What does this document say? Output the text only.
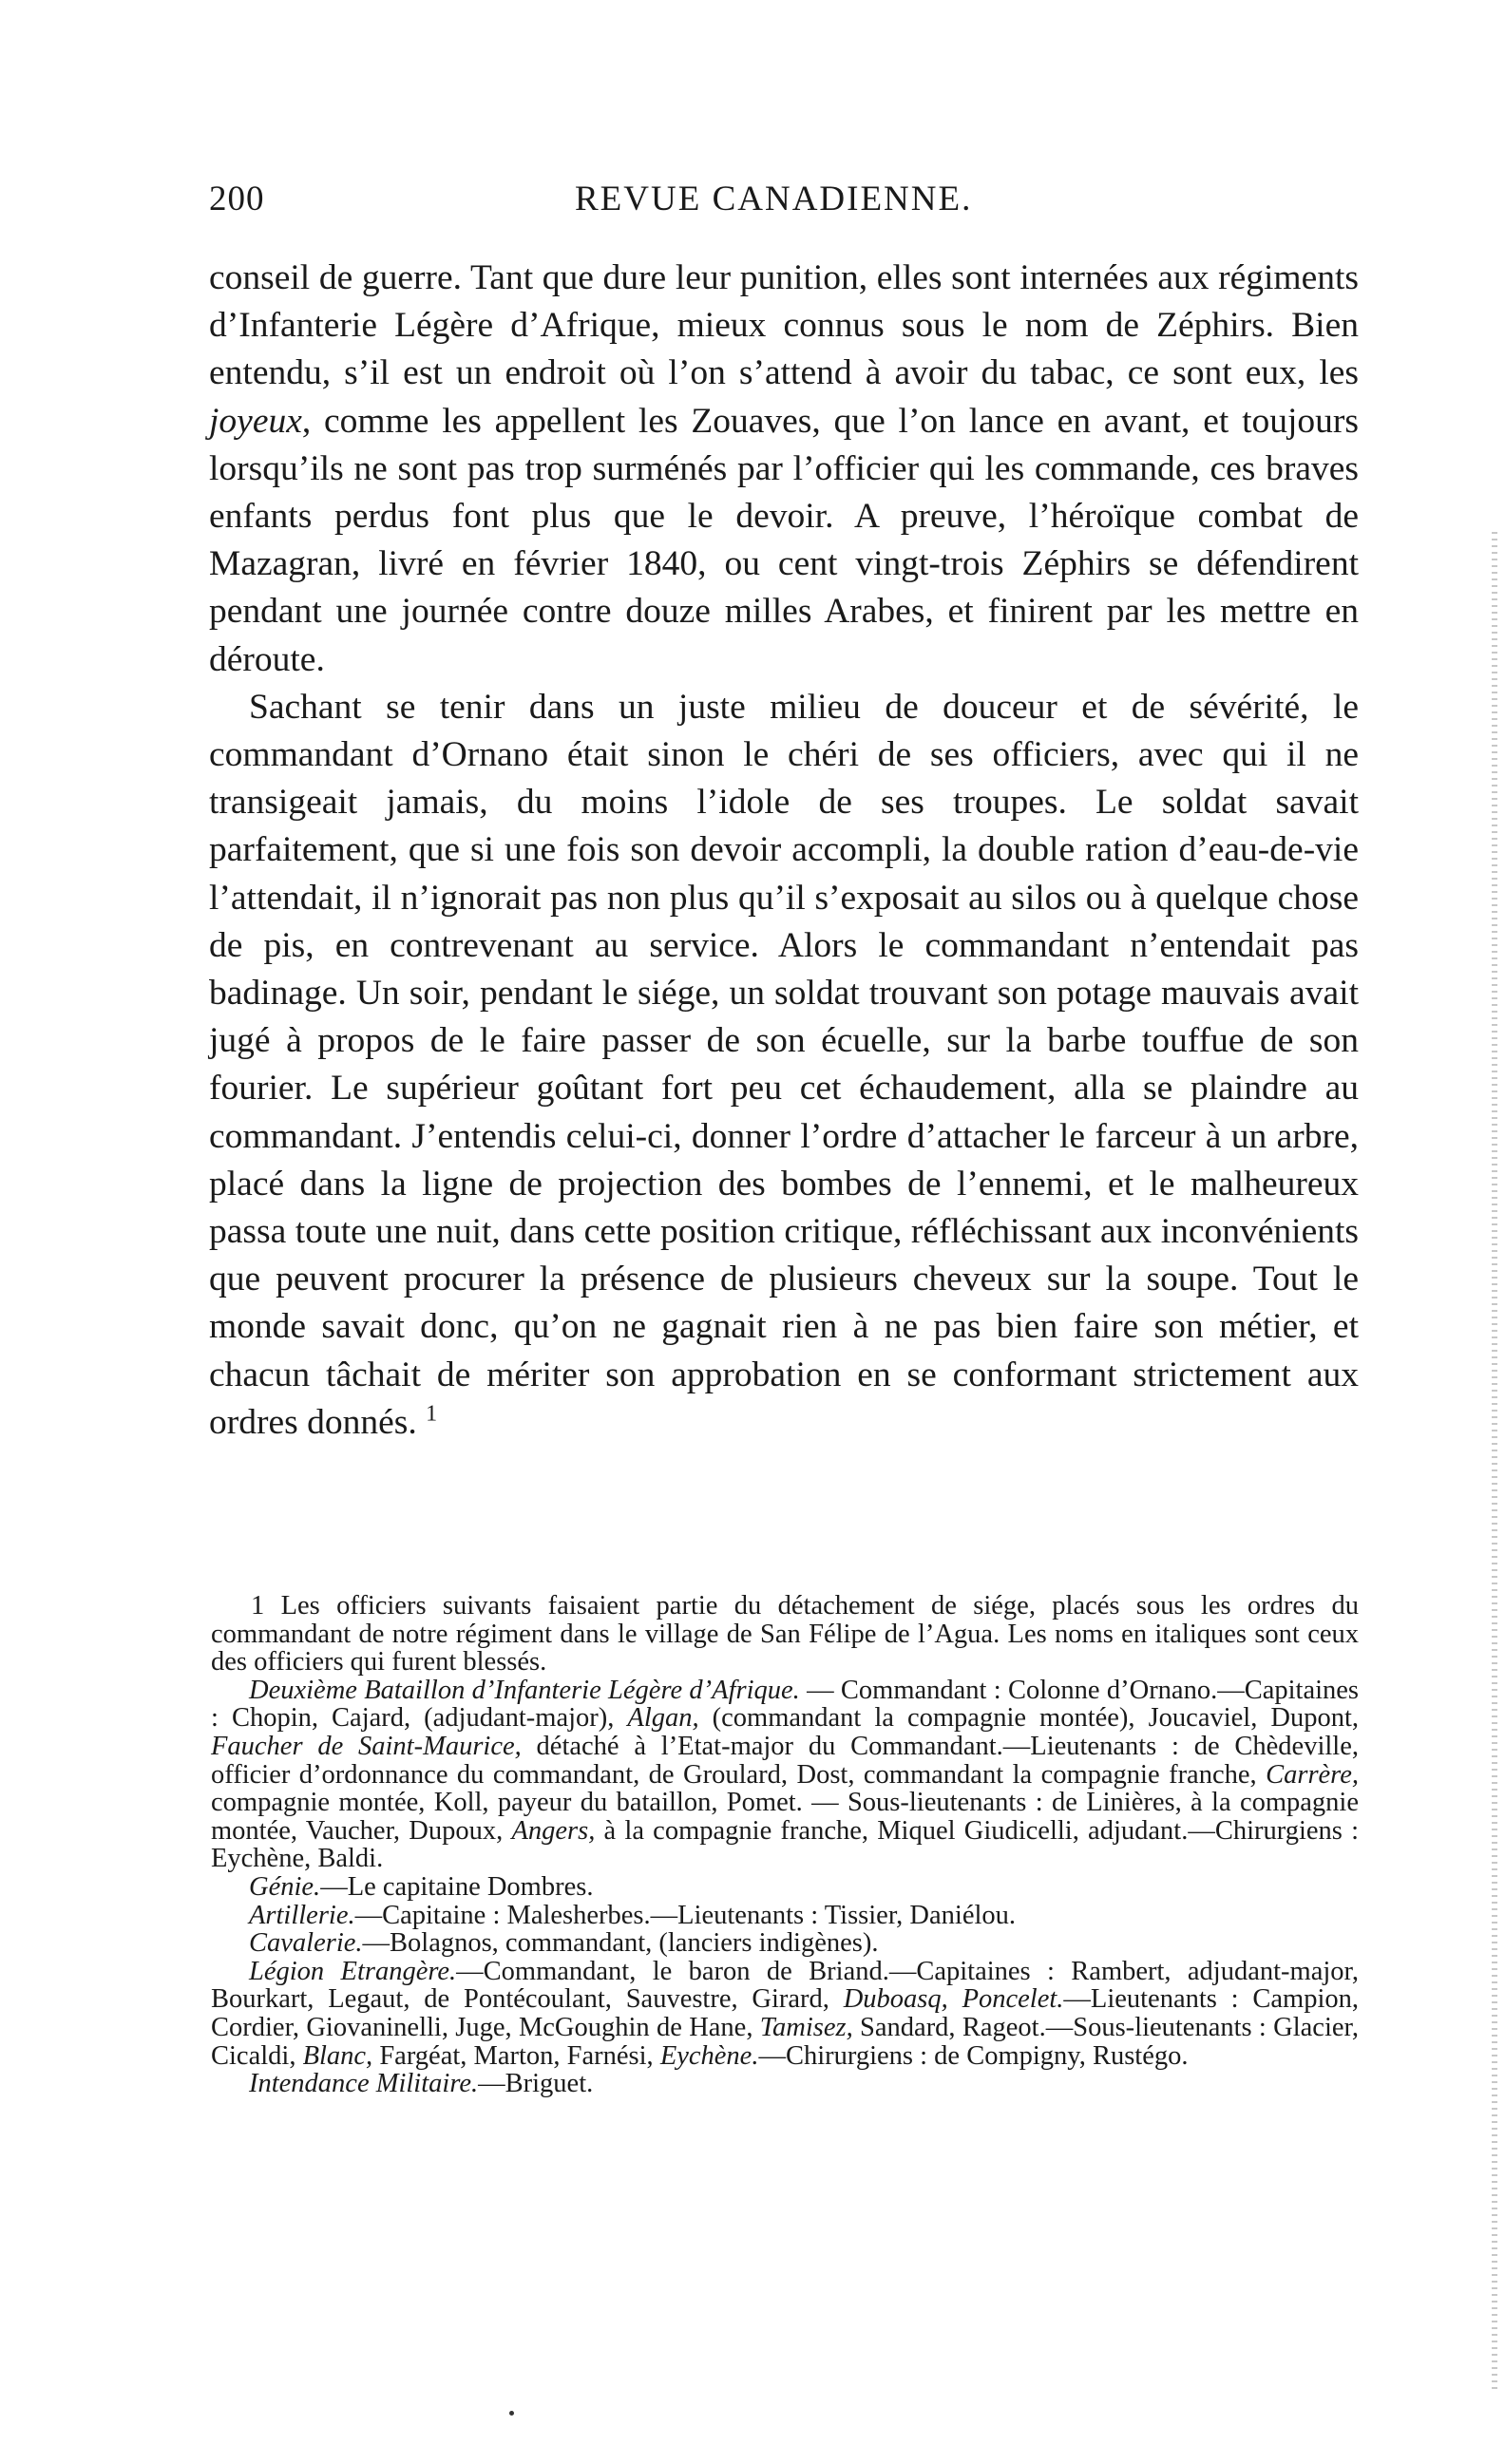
200	REVUE CANADIENNE.

conseil de guerre. Tant que dure leur punition, elles sont internées aux régiments d’Infanterie Légère d’Afrique, mieux connus sous le nom de Zéphirs. Bien entendu, s’il est un endroit où l’on s’attend à avoir du tabac, ce sont eux, les joyeux, comme les appellent les Zouaves, que l’on lance en avant, et toujours lorsqu’ils ne sont pas trop surménés par l’officier qui les commande, ces braves enfants perdus font plus que le devoir. A preuve, l’héroïque combat de Mazagran, livré en février 1840, ou cent vingt-trois Zéphirs se défendirent pendant une journée contre douze milles Arabes, et finirent par les mettre en déroute.

Sachant se tenir dans un juste milieu de douceur et de sévérité, le commandant d’Ornano était sinon le chéri de ses officiers, avec qui il ne transigeait jamais, du moins l’idole de ses troupes. Le soldat savait parfaitement, que si une fois son devoir accompli, la double ration d’eau-de-vie l’attendait, il n’ignorait pas non plus qu’il s’exposait au silos ou à quelque chose de pis, en contrevenant au service. Alors le commandant n’entendait pas badinage. Un soir, pendant le siége, un soldat trouvant son potage mauvais avait jugé à propos de le faire passer de son écuelle, sur la barbe touffue de son fourier. Le supérieur goûtant fort peu cet échaudement, alla se plaindre au commandant. J’entendis celui-ci, donner l’ordre d’attacher le farceur à un arbre, placé dans la ligne de projection des bombes de l’ennemi, et le malheureux passa toute une nuit, dans cette position critique, réfléchissant aux inconvénients que peuvent procurer la présence de plusieurs cheveux sur la soupe. Tout le monde savait donc, qu’on ne gagnait rien à ne pas bien faire son métier, et chacun tâchait de mériter son approbation en se conformant strictement aux ordres donnés. $^1$

1 Les officiers suivants faisaient partie du détachement de siége, placés sous les ordres du commandant de notre régiment dans le village de San Félipe de l’Agua. Les noms en italiques sont ceux des officiers qui furent blessés.

Deuxième Bataillon d’Infanterie Légère d’Afrique. — Commandant : Colonne d’Ornano.—Capitaines : Chopin, Cajard, (adjudant-major), Algan, (commandant la compagnie montée), Joucaviel, Dupont, Faucher de Saint-Maurice, détaché à l’Etat-major du Commandant.—Lieutenants : de Chèdeville, officier d’ordonnance du commandant, de Groulard, Dost, commandant la compagnie franche, Carrère, compagnie montée, Koll, payeur du bataillon, Pomet. — Sous-lieutenants : de Linières, à la compagnie montée, Vaucher, Dupoux, Angers, à la compagnie franche, Miquel Giudicelli, adjudant.—Chirurgiens : Eychène, Baldi.

Génie.—Le capitaine Dombres.

Artillerie.—Capitaine : Malesherbes.—Lieutenants : Tissier, Daniélou.

Cavalerie.—Bolagnos, commandant, (lanciers indigènes).

Légion Etrangère.—Commandant, le baron de Briand.—Capitaines : Rambert, adjudant-major, Bourkart, Legaut, de Pontécoulant, Sauvestre, Girard, Duboasq, Poncelet.—Lieutenants : Campion, Cordier, Giovaninelli, Juge, McGoughin de Hane, Tamisez, Sandard, Rageot.—Sous-lieutenants : Glacier, Cicaldi, Blanc, Fargéat, Marton, Farnési, Eychène.—Chirurgiens : de Compigny, Rustégo.

Intendance Militaire.—Briguet.
